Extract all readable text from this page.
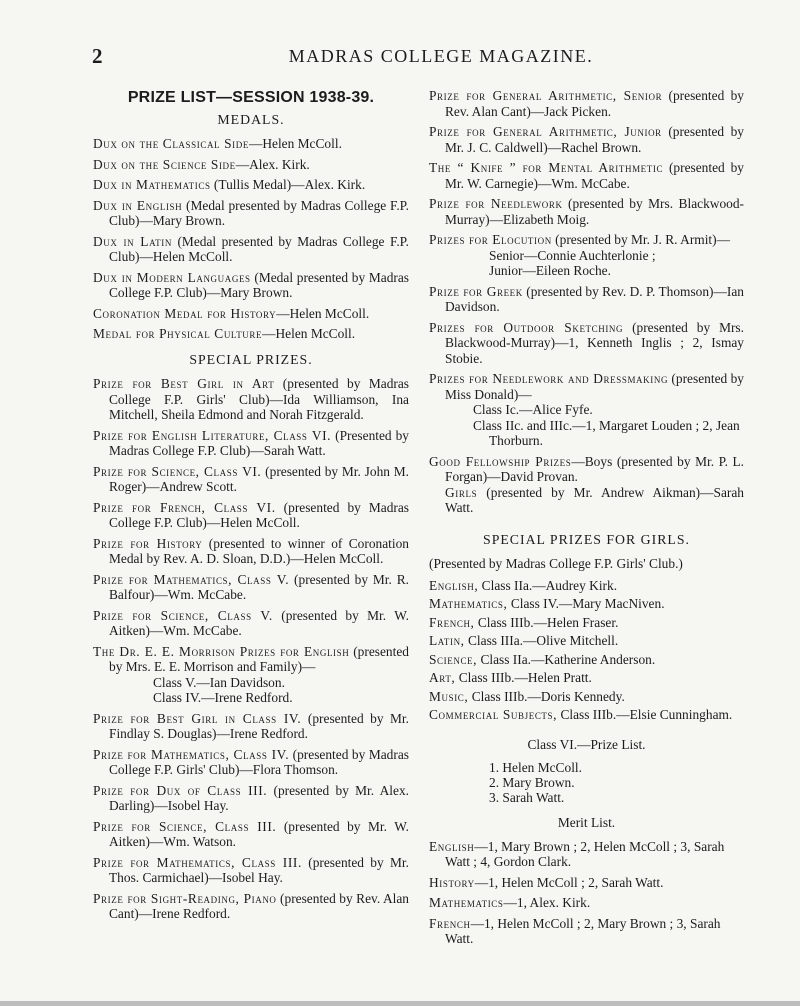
2	MADRAS COLLEGE MAGAZINE.
PRIZE LIST—SESSION 1938-39.
MEDALS.
Dux on the Classical Side—Helen McColl.
Dux on the Science Side—Alex. Kirk.
Dux in Mathematics (Tullis Medal)—Alex. Kirk.
Dux in English (Medal presented by Madras College F.P. Club)—Mary Brown.
Dux in Latin (Medal presented by Madras College F.P. Club)—Helen McColl.
Dux in Modern Languages (Medal presented by Madras College F.P. Club)—Mary Brown.
Coronation Medal for History—Helen McColl.
Medal for Physical Culture—Helen McColl.
SPECIAL PRIZES.
Prize for Best Girl in Art (presented by Madras College F.P. Girls' Club)—Ida Williamson, Ina Mitchell, Sheila Edmond and Norah Fitzgerald.
Prize for English Literature, Class VI. (Presented by Madras College F.P. Club)—Sarah Watt.
Prize for Science, Class VI. (presented by Mr. John M. Roger)—Andrew Scott.
Prize for French, Class VI. (presented by Madras College F.P. Club)—Helen McColl.
Prize for History (presented to winner of Coronation Medal by Rev. A. D. Sloan, D.D.)—Helen McColl.
Prize for Mathematics, Class V. (presented by Mr. R. Balfour)—Wm. McCabe.
Prize for Science, Class V. (presented by Mr. W. Aitken)—Wm. McCabe.
The Dr. E. E. Morrison Prizes for English (presented by Mrs. E. E. Morrison and Family)—
Class V.—Ian Davidson.
Class IV.—Irene Redford.
Prize for Best Girl in Class IV. (presented by Mr. Findlay S. Douglas)—Irene Redford.
Prize for Mathematics, Class IV. (presented by Madras College F.P. Girls' Club)—Flora Thomson.
Prize for Dux of Class III. (presented by Mr. Alex. Darling)—Isobel Hay.
Prize for Science, Class III. (presented by Mr. W. Aitken)—Wm. Watson.
Prize for Mathematics, Class III. (presented by Mr. Thos. Carmichael)—Isobel Hay.
Prize for Sight-Reading, Piano (presented by Rev. Alan Cant)—Irene Redford.
Prize for General Arithmetic, Senior (presented by Rev. Alan Cant)—Jack Picken.
Prize for General Arithmetic, Junior (presented by Mr. J. C. Caldwell)—Rachel Brown.
The “ Knife ” for Mental Arithmetic (presented by Mr. W. Carnegie)—Wm. McCabe.
Prize for Needlework (presented by Mrs. Blackwood-Murray)—Elizabeth Moig.
Prizes for Elocution (presented by Mr. J. R. Armit)—
Senior—Connie Auchterlonie ;
Junior—Eileen Roche.
Prize for Greek (presented by Rev. D. P. Thomson)—Ian Davidson.
Prizes for Outdoor Sketching (presented by Mrs. Blackwood-Murray)—1, Kenneth Inglis ; 2, Ismay Stobie.
Prizes for Needlework and Dressmaking (presented by Miss Donald)—
Class Ic.—Alice Fyfe.
Class IIc. and IIIc.—1, Margaret Louden ; 2, Jean Thorburn.
Good Fellowship Prizes—Boys (presented by Mr. P. L. Forgan)—David Provan.
Girls (presented by Mr. Andrew Aikman)—Sarah Watt.
SPECIAL PRIZES FOR GIRLS.
(Presented by Madras College F.P. Girls' Club.)
English, Class IIa.—Audrey Kirk.
Mathematics, Class IV.—Mary MacNiven.
French, Class IIIb.—Helen Fraser.
Latin, Class IIIa.—Olive Mitchell.
Science, Class IIa.—Katherine Anderson.
Art, Class IIIb.—Helen Pratt.
Music, Class IIIb.—Doris Kennedy.
Commercial Subjects, Class IIIb.—Elsie Cunningham.
Class VI.—Prize List.
1. Helen McColl.
2. Mary Brown.
3. Sarah Watt.
Merit List.
English—1, Mary Brown ; 2, Helen McColl ; 3, Sarah Watt ; 4, Gordon Clark.
History—1, Helen McColl ; 2, Sarah Watt.
Mathematics—1, Alex. Kirk.
French—1, Helen McColl ; 2, Mary Brown ; 3, Sarah Watt.
